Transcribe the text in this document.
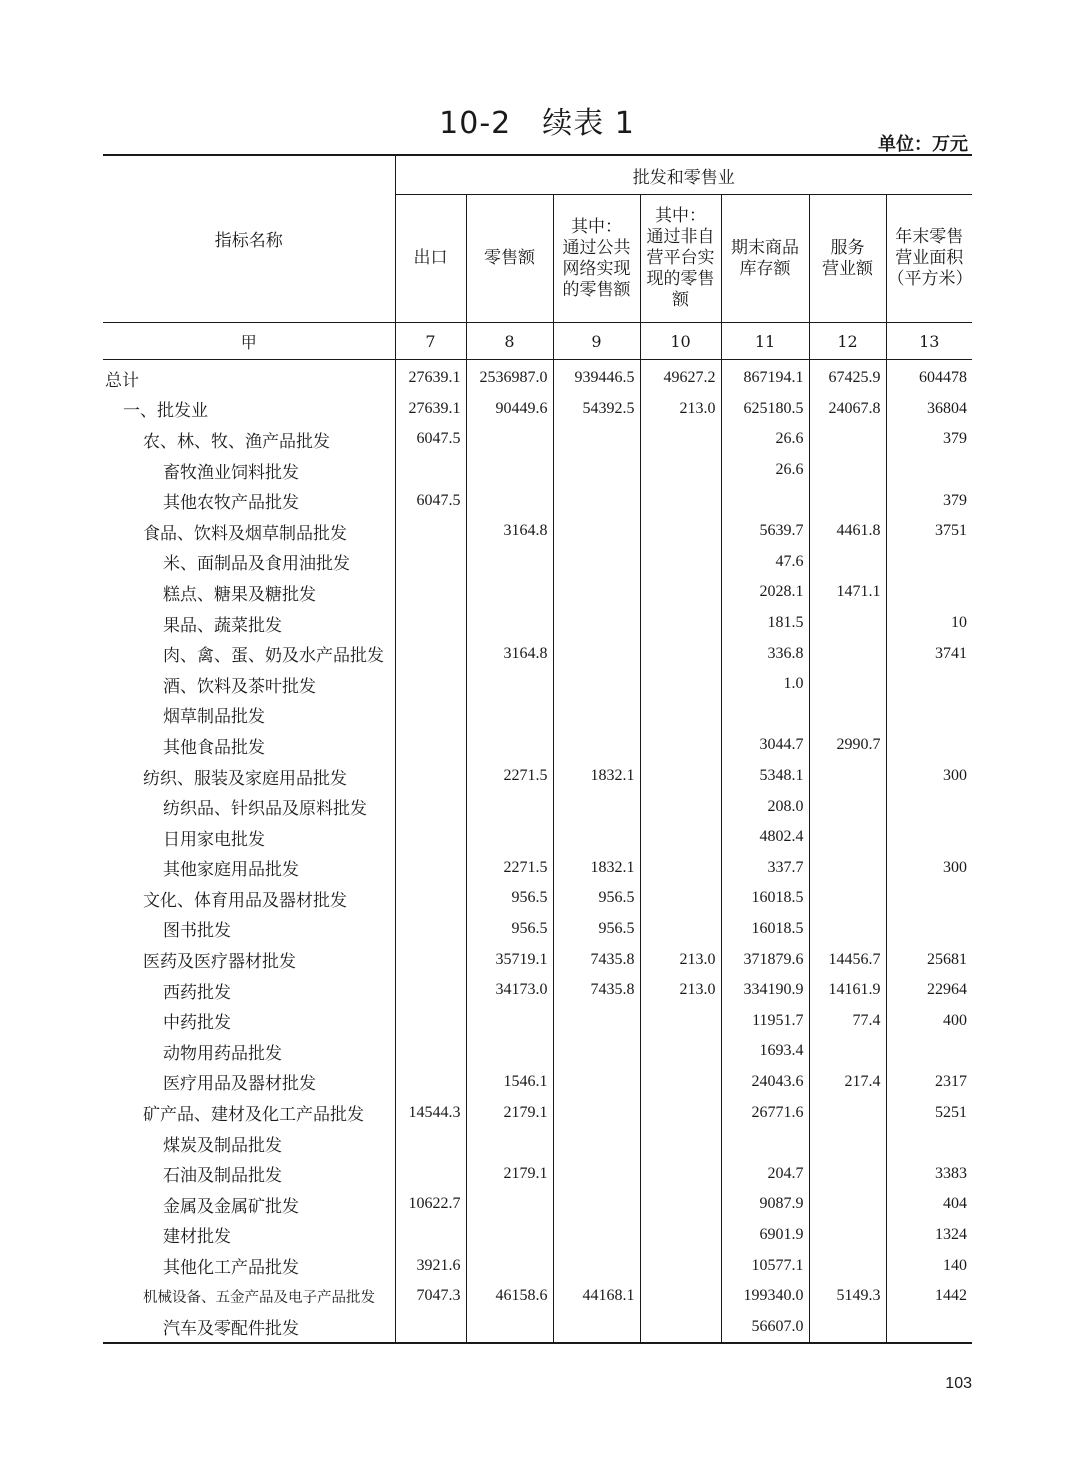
10-2　续表 1
单位：万元
指标名称	批发和零售业						
	出口	零售额	其中：
通过公共
网络实现
的零售额	其中：
通过非自
营平台实
现的零售
额	期末商品
库存额	服务
营业额	年末零售
营业面积
（平方米）
甲	7	8	9	10	11	12	13
总计	27639.1	2536987.0	939446.5	49627.2	867194.1	67425.9	604478
一、批发业	27639.1	90449.6	54392.5	213.0	625180.5	24067.8	36804
农、林、牧、渔产品批发	6047.5				26.6		379
畜牧渔业饲料批发					26.6		
其他农牧产品批发	6047.5						379
食品、饮料及烟草制品批发		3164.8			5639.7	4461.8	3751
米、面制品及食用油批发					47.6		
糕点、糖果及糖批发					2028.1	1471.1	
果品、蔬菜批发					181.5		10
肉、禽、蛋、奶及水产品批发		3164.8			336.8		3741
酒、饮料及茶叶批发					1.0		
烟草制品批发							
其他食品批发					3044.7	2990.7	
纺织、服装及家庭用品批发		2271.5	1832.1		5348.1		300
纺织品、针织品及原料批发					208.0		
日用家电批发					4802.4		
其他家庭用品批发		2271.5	1832.1		337.7		300
文化、体育用品及器材批发		956.5	956.5		16018.5		
图书批发		956.5	956.5		16018.5		
医药及医疗器材批发		35719.1	7435.8	213.0	371879.6	14456.7	25681
西药批发		34173.0	7435.8	213.0	334190.9	14161.9	22964
中药批发					11951.7	77.4	400
动物用药品批发					1693.4		
医疗用品及器材批发		1546.1			24043.6	217.4	2317
矿产品、建材及化工产品批发	14544.3	2179.1			26771.6		5251
煤炭及制品批发							
石油及制品批发		2179.1			204.7		3383
金属及金属矿批发	10622.7				9087.9		404
建材批发					6901.9		1324
其他化工产品批发	3921.6				10577.1		140
机械设备、五金产品及电子产品批发	7047.3	46158.6	44168.1		199340.0	5149.3	1442
汽车及零配件批发					56607.0		
103
